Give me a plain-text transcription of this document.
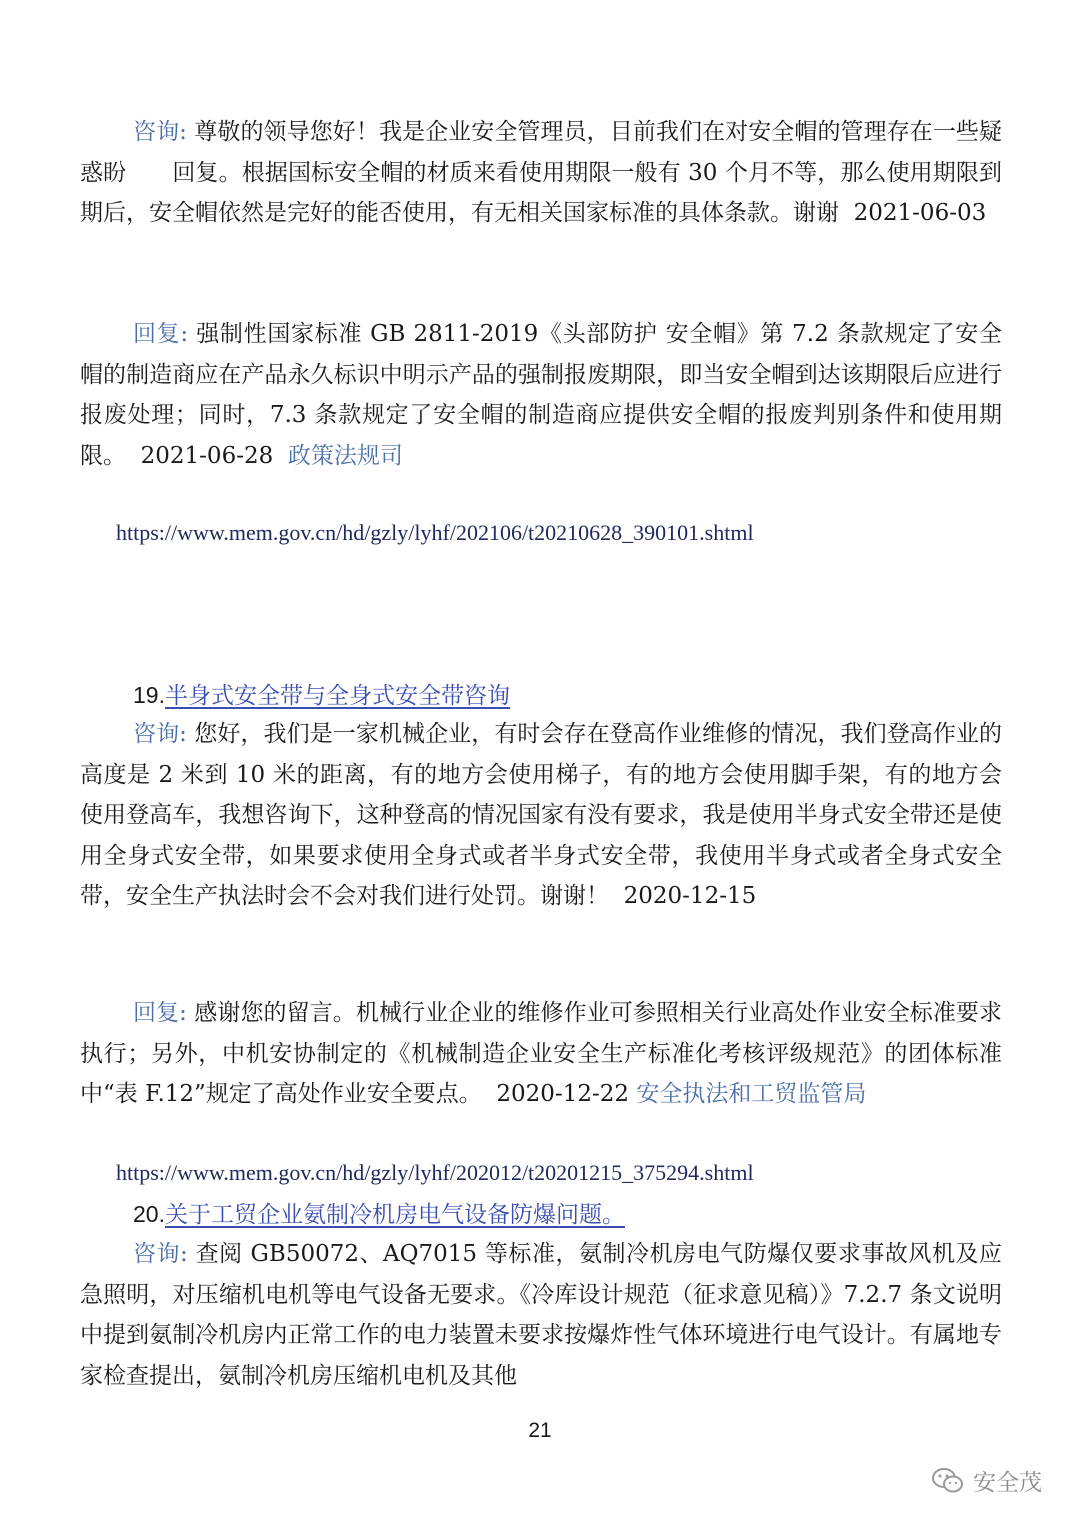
咨询: 尊敬的领导您好！我是企业安全管理员，目前我们在对安全帽的管理存在一些疑惑盼　　回复。根据国标安全帽的材质来看使用期限一般有 30 个月不等，那么使用期限到期后，安全帽依然是完好的能否使用，有无相关国家标准的具体条款。谢谢 2021-06-03

回复: 强制性国家标准 GB 2811-2019《头部防护 安全帽》第 7.2 条款规定了安全帽的制造商应在产品永久标识中明示产品的强制报废期限，即当安全帽到达该期限后应进行报废处理；同时，7.3 条款规定了安全帽的制造商应提供安全帽的报废判别条件和使用期限。 2021-06-28 政策法规司

https://www.mem.gov.cn/hd/gzly/lyhf/202106/t20210628_390101.shtml
19.半身式安全带与全身式安全带咨询

咨询: 您好，我们是一家机械企业，有时会存在登高作业维修的情况，我们登高作业的高度是 2 米到 10 米的距离，有的地方会使用梯子，有的地方会使用脚手架，有的地方会使用登高车，我想咨询下，这种登高的情况国家有没有要求，我是使用半身式安全带还是使用全身式安全带，如果要求使用全身式或者半身式安全带，我使用半身式或者全身式安全带，安全生产执法时会不会对我们进行处罚。谢谢！ 2020-12-15

回复: 感谢您的留言。机械行业企业的维修作业可参照相关行业高处作业安全标准要求执行；另外，中机安协制定的《机械制造企业安全生产标准化考核评级规范》的团体标准中“表 F.12”规定了高处作业安全要点。 2020-12-22 安全执法和工贸监管局

https://www.mem.gov.cn/hd/gzly/lyhf/202012/t20201215_375294.shtml
20.关于工贸企业氨制冷机房电气设备防爆问题。

咨询: 查阅 GB50072、AQ7015 等标准，氨制冷机房电气防爆仅要求事故风机及应急照明，对压缩机电机等电气设备无要求。《冷库设计规范（征求意见稿）》7.2.7 条文说明中提到氨制冷机房内正常工作的电力装置未要求按爆炸性气体环境进行电气设计。有属地专家检查提出，氨制冷机房压缩机电机及其他

21
安全茂
